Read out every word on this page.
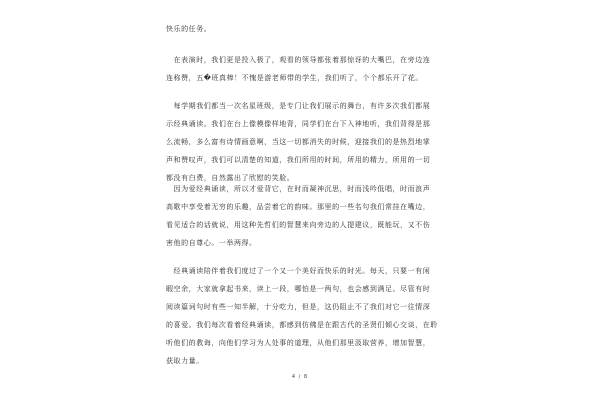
快乐的任务。
　在表演时，我们更是投入极了，观看的领导都张着那惊讶的大嘴巴，在旁边连
连称赞，五�班真棒！不愧是游老师带的学生，我们听了，个个都乐开了花。
　每学期我们都当一次名星班级，是专门让我们展示的舞台，有许多次我们都展
示经典诵读。我们在台上像模像样地背，同学们在台下入神地听，我们背得是那
么流畅，多么富有诗情画意啊，当这一切都消失的时候，迎接我们的是热烈地掌
声和赞叹声，我们可以清楚的知道，我们所用的时间，所用的精力，所用的一切
都没有白费，自然露出了欣慰的笑脸。
　因为爱经典诵读，所以才爱背它，在时而凝神沉思，时而浅吟低唱，时而浪声
高歌中享受着无穷的乐趣，品尝着它的韵味。那里的一些名句我们常挂在嘴边，
看见适合的话就说，用这种先哲们的智慧来向旁边的人提建议，既能玩，又不伤
害他的自尊心。一举两得。
　经典诵读陪伴着我们度过了一个又一个美好而快乐的时光。每天，只要一有闲
暇空余，大家就拿起书来，读上一段，哪怕是一两句，也会感到满足。尽管有时
阅读篇词句时有些一知半解，十分吃力，但是，这仍阻止不了我们对它一往情深
的喜爱。我们每次看着经典诵读，都感到仿佛是在跟古代的圣贤们倾心交谈，在聆
听他们的教诲，向他们学习为人处事的道理，从他们那里汲取营养，增加智慧，
获取力量。
4 / 8
